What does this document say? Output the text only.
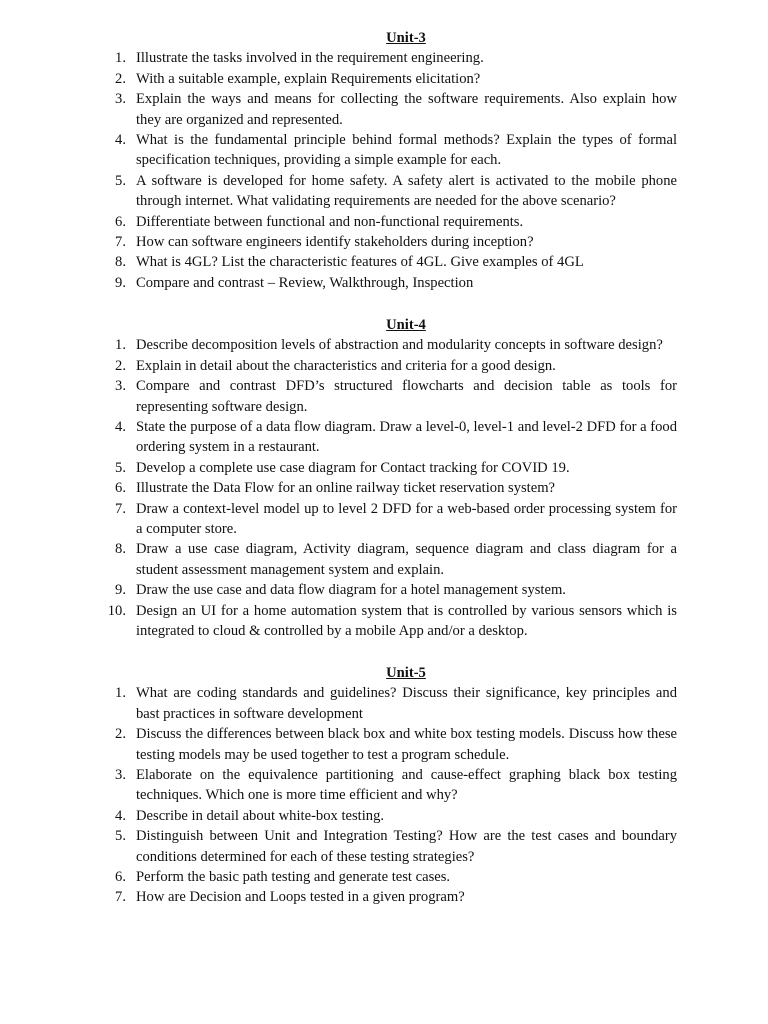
Unit-3
1. Illustrate the tasks involved in the requirement engineering.
2. With a suitable example, explain Requirements elicitation?
3. Explain the ways and means for collecting the software requirements. Also explain how they are organized and represented.
4. What is the fundamental principle behind formal methods? Explain the types of formal specification techniques, providing a simple example for each.
5. A software is developed for home safety. A safety alert is activated to the mobile phone through internet. What validating requirements are needed for the above scenario?
6. Differentiate between functional and non-functional requirements.
7. How can software engineers identify stakeholders during inception?
8. What is 4GL? List the characteristic features of 4GL. Give examples of 4GL
9. Compare and contrast – Review, Walkthrough, Inspection
Unit-4
1. Describe decomposition levels of abstraction and modularity concepts in software design?
2. Explain in detail about the characteristics and criteria for a good design.
3. Compare and contrast DFD’s structured flowcharts and decision table as tools for representing software design.
4. State the purpose of a data flow diagram. Draw a level-0, level-1 and level-2 DFD for a food ordering system in a restaurant.
5. Develop a complete use case diagram for Contact tracking for COVID 19.
6. Illustrate the Data Flow for an online railway ticket reservation system?
7. Draw a context-level model up to level 2 DFD for a web-based order processing system for a computer store.
8. Draw a use case diagram, Activity diagram, sequence diagram and class diagram for a student assessment management system and explain.
9. Draw the use case and data flow diagram for a hotel management system.
10. Design an UI for a home automation system that is controlled by various sensors which is integrated to cloud & controlled by a mobile App and/or a desktop.
Unit-5
1. What are coding standards and guidelines? Discuss their significance, key principles and bast practices in software development
2. Discuss the differences between black box and white box testing models. Discuss how these testing models may be used together to test a program schedule.
3. Elaborate on the equivalence partitioning and cause-effect graphing black box testing techniques. Which one is more time efficient and why?
4. Describe in detail about white-box testing.
5. Distinguish between Unit and Integration Testing? How are the test cases and boundary conditions determined for each of these testing strategies?
6. Perform the basic path testing and generate test cases.
7. How are Decision and Loops tested in a given program?
